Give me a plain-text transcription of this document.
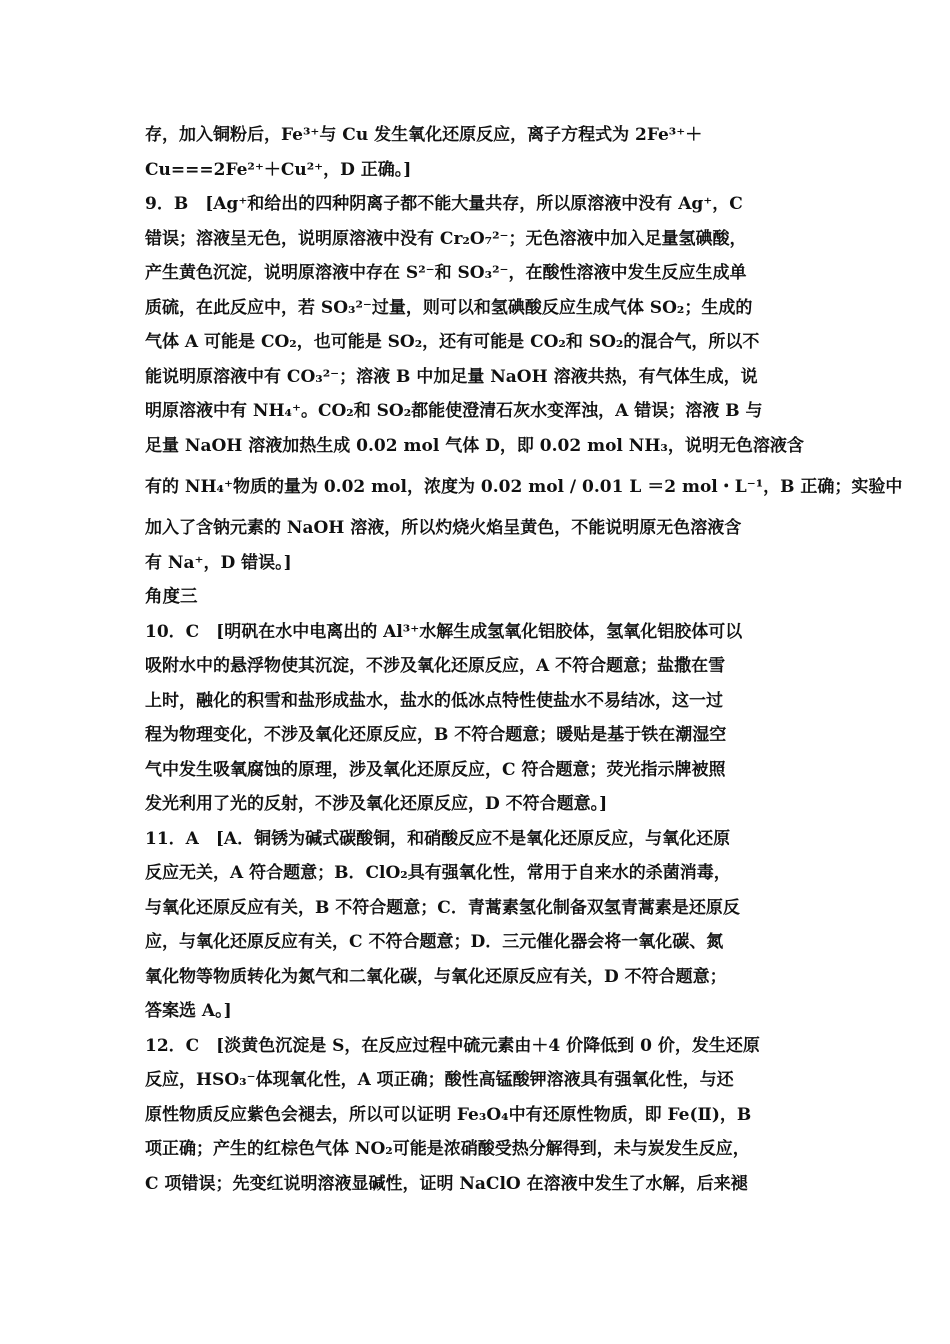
存，加入铜粉后，Fe³⁺与 Cu 发生氧化还原反应，离子方程式为 2Fe³⁺＋
Cu===2Fe²⁺＋Cu²⁺，D 正确。]
9．B　[Ag⁺和给出的四种阴离子都不能大量共存，所以原溶液中没有 Ag⁺，C
错误；溶液呈无色，说明原溶液中没有 Cr₂O₇²⁻；无色溶液中加入足量氢碘酸，
产生黄色沉淀，说明原溶液中存在 S²⁻和 SO₃²⁻，在酸性溶液中发生反应生成单
质硫，在此反应中，若 SO₃²⁻过量，则可以和氢碘酸反应生成气体 SO₂；生成的
气体 A 可能是 CO₂，也可能是 SO₂，还有可能是 CO₂和 SO₂的混合气，所以不
能说明原溶液中有 CO₃²⁻；溶液 B 中加足量 NaOH 溶液共热，有气体生成，说
明原溶液中有 NH₄⁺。CO₂和 SO₂都能使澄清石灰水变浑浊，A 错误；溶液 B 与
足量 NaOH 溶液加热生成 0.02 mol 气体 D，即 0.02 mol NH₃，说明无色溶液含
有的 NH₄⁺物质的量为 0.02 mol，浓度为 0.02 mol / 0.01 L ＝2 mol・L⁻¹，B 正确；实验中
加入了含钠元素的 NaOH 溶液，所以灼烧火焰呈黄色，不能说明原无色溶液含
有 Na⁺，D 错误。]
角度三
10．C　[明矾在水中电离出的 Al³⁺水解生成氢氧化铝胶体，氢氧化铝胶体可以
吸附水中的悬浮物使其沉淀，不涉及氧化还原反应，A 不符合题意；盐撒在雪
上时，融化的积雪和盐形成盐水，盐水的低冰点特性使盐水不易结冰，这一过
程为物理变化，不涉及氧化还原反应，B 不符合题意；暖贴是基于铁在潮湿空
气中发生吸氧腐蚀的原理，涉及氧化还原反应，C 符合题意；荧光指示牌被照
发光利用了光的反射，不涉及氧化还原反应，D 不符合题意。]
11．A　[A．铜锈为碱式碳酸铜，和硝酸反应不是氧化还原反应，与氧化还原
反应无关，A 符合题意；B．ClO₂具有强氧化性，常用于自来水的杀菌消毒，
与氧化还原反应有关，B 不符合题意；C．青蒿素氢化制备双氢青蒿素是还原反
应，与氧化还原反应有关，C 不符合题意；D．三元催化器会将一氧化碳、氮
氧化物等物质转化为氮气和二氧化碳，与氧化还原反应有关，D 不符合题意；
答案选 A。]
12．C　[淡黄色沉淀是 S，在反应过程中硫元素由＋4 价降低到 0 价，发生还原
反应，HSO₃⁻体现氧化性，A 项正确；酸性高锰酸钾溶液具有强氧化性，与还
原性物质反应紫色会褪去，所以可以证明 Fe₃O₄中有还原性物质，即 Fe(Ⅱ)，B
项正确；产生的红棕色气体 NO₂可能是浓硝酸受热分解得到，未与炭发生反应，
C 项错误；先变红说明溶液显碱性，证明 NaClO 在溶液中发生了水解，后来褪
